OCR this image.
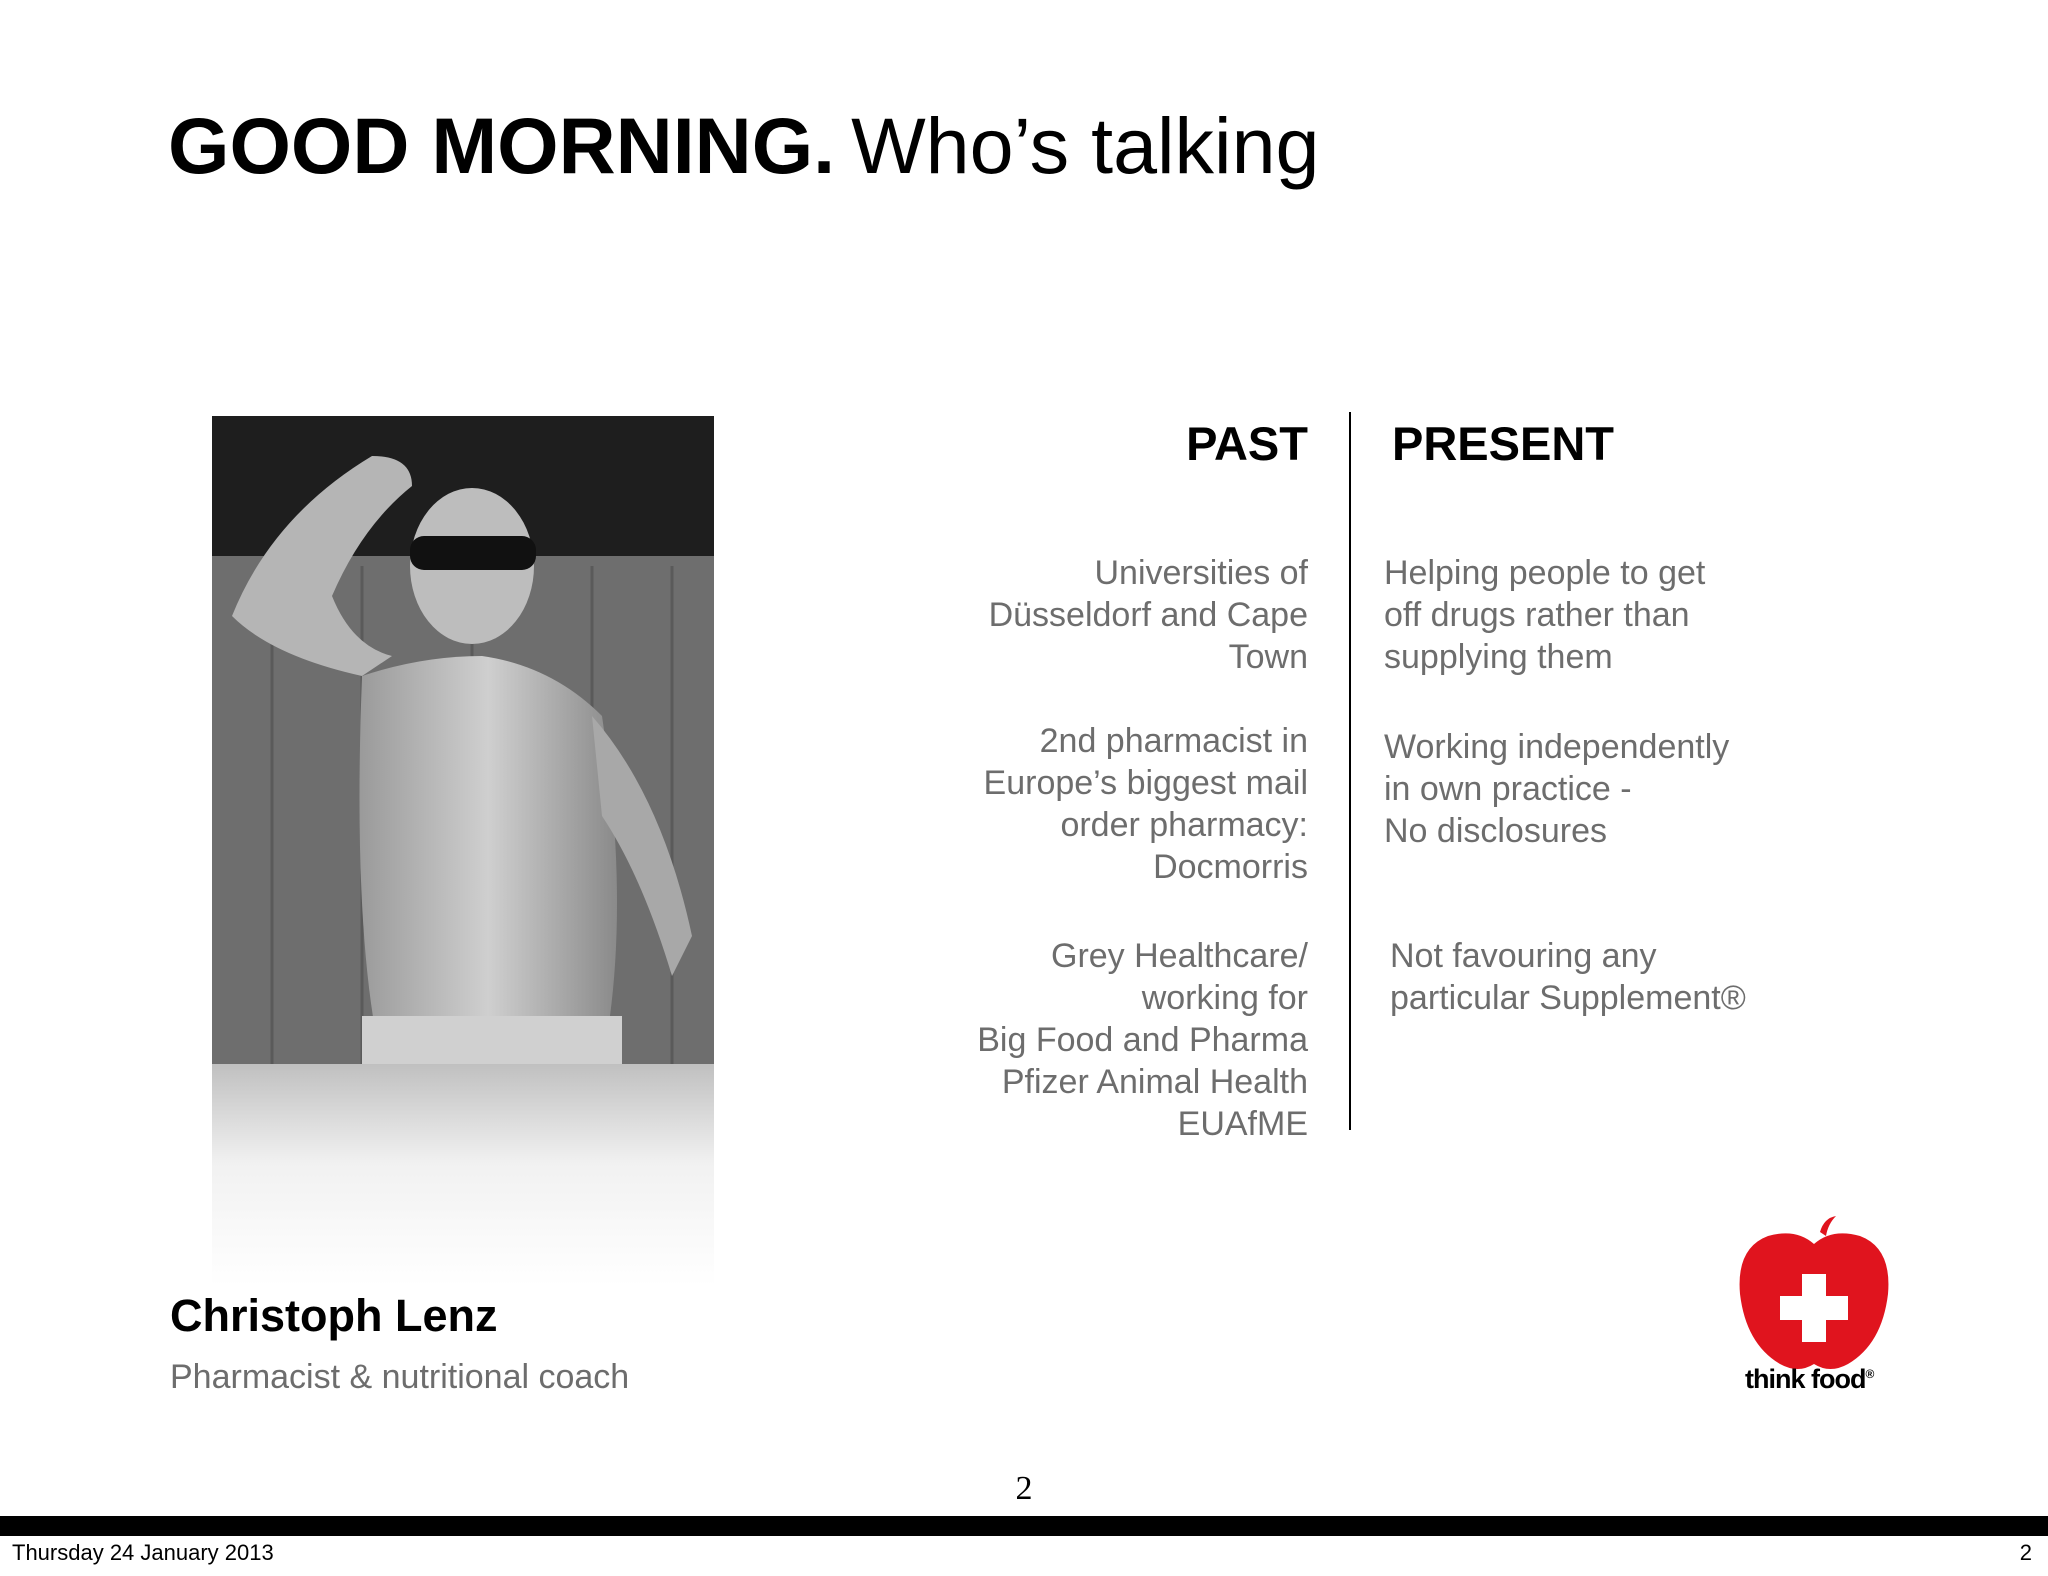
GOOD MORNING. Who’s talking
Christoph Lenz
Pharmacist & nutritional coach
PAST PRESENT
Universities of
Düsseldorf and Cape
Town
2nd pharmacist in
Europe’s biggest mail
order pharmacy:
Docmorris
Grey Healthcare/
working for
Big Food and Pharma
Pfizer Animal Health
EUAfME
Helping people to get
off drugs rather than
supplying them
Working independently
in own practice -
No disclosures
Not favouring any
particular Supplement®
think food®
2
Thursday 24 January 2013	2
